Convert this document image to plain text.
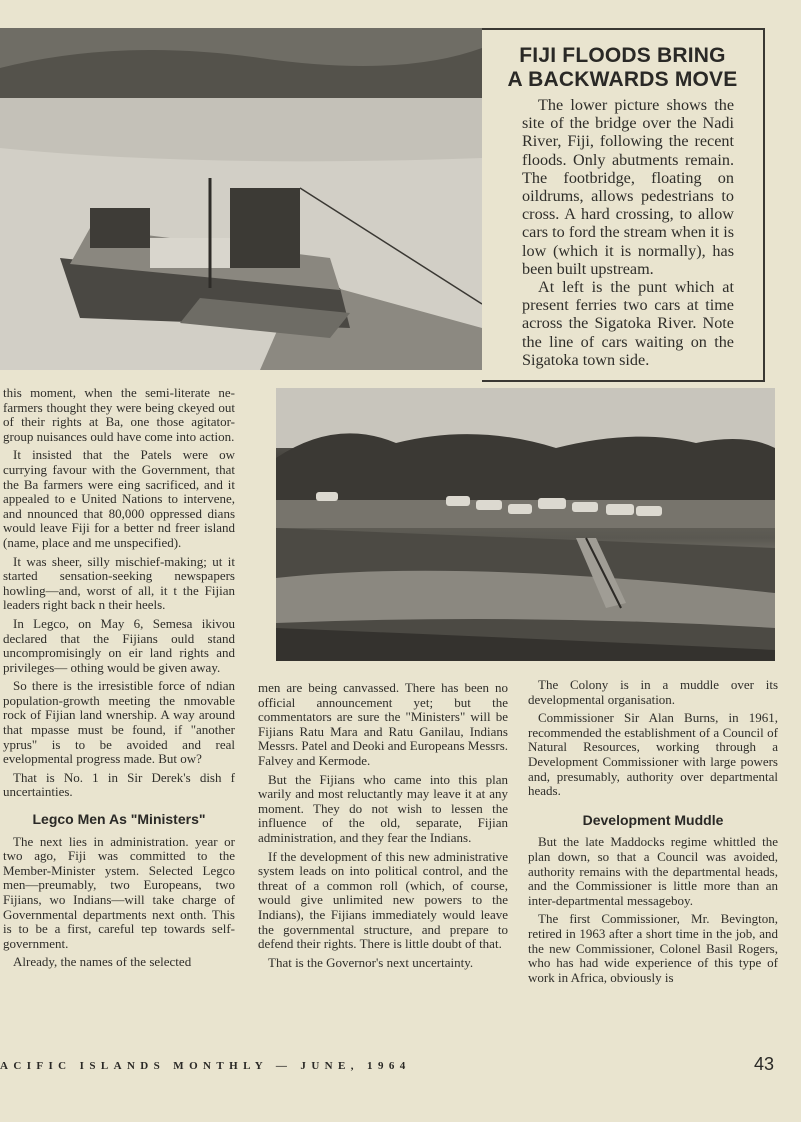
FIJI FLOODS BRING
A BACKWARDS MOVE

The lower picture shows the site of the bridge over the Nadi River, Fiji, following the recent floods. Only abutments remain. The footbridge, floating on oildrums, allows pedestrians to cross. A hard crossing, to allow cars to ford the stream when it is low (which it is normally), has been built upstream.

At left is the punt which at present ferries two cars at time across the Sigatoka River. Note the line of cars waiting on the Sigatoka town side.

this moment, when the semi-literate ne-farmers thought they were being ckeyed out of their rights at Ba, one those agitator-group nuisances ould have come into action.

It insisted that the Patels were ow currying favour with the Government, that the Ba farmers were eing sacrificed, and it appealed to e United Nations to intervene, and nnounced that 80,000 oppressed dians would leave Fiji for a better nd freer island (name, place and me unspecified).

It was sheer, silly mischief-making; ut it started sensation-seeking newspapers howling—and, worst of all, it t the Fijian leaders right back n their heels.

In Legco, on May 6, Semesa ikivou declared that the Fijians ould stand uncompromisingly on eir land rights and privileges— othing would be given away.

So there is the irresistible force of ndian population-growth meeting the nmovable rock of Fijian land wnership. A way around that mpasse must be found, if "another yprus" is to be avoided and real evelopmental progress made. But ow?

That is No. 1 in Sir Derek's dish f uncertainties.

Legco Men As "Ministers"

The next lies in administration. year or two ago, Fiji was committed to the Member-Minister ystem. Selected Legco men—preumably, two Europeans, two Fijians, wo Indians—will take charge of Governmental departments next onth. This is to be a first, careful tep towards self-government.

Already, the names of the selected

men are being canvassed. There has been no official announcement yet; but the commentators are sure the "Ministers" will be Fijians Ratu Mara and Ratu Ganilau, Indians Messrs. Patel and Deoki and Europeans Messrs. Falvey and Kermode.

But the Fijians who came into this plan warily and most reluctantly may leave it at any moment. They do not wish to lessen the influence of the old, separate, Fijian administration, and they fear the Indians.

If the development of this new administrative system leads on into political control, and the threat of a common roll (which, of course, would give unlimited new powers to the Indians), the Fijians immediately would leave the governmental structure, and prepare to defend their rights. There is little doubt of that.

That is the Governor's next uncertainty.

The Colony is in a muddle over its developmental organisation.

Commissioner Sir Alan Burns, in 1961, recommended the establishment of a Council of Natural Resources, working through a Development Commissioner with large powers and, presumably, authority over departmental heads.

Development Muddle

But the late Maddocks regime whittled the plan down, so that a Council was avoided, authority remains with the departmental heads, and the Commissioner is little more than an inter-departmental messageboy.

The first Commissioner, Mr. Bevington, retired in 1963 after a short time in the job, and the new Commissioner, Colonel Basil Rogers, who has had wide experience of this type of work in Africa, obviously is

ACIFIC ISLANDS MONTHLY — JUNE, 1964	43
